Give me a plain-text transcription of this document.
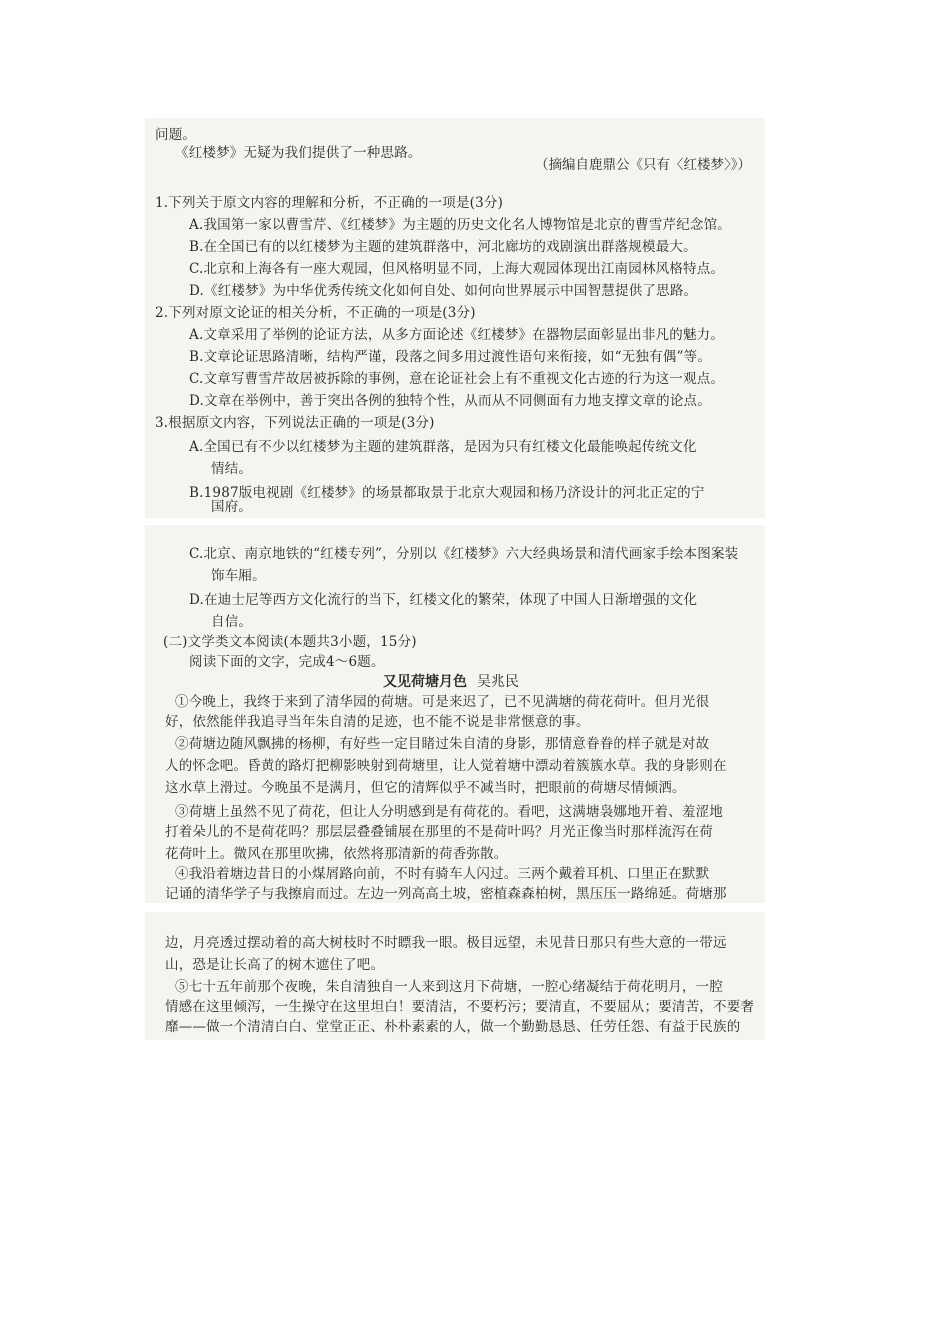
问题。
《红楼梦》无疑为我们提供了一种思路。
（摘编自鹿鼎公《只有〈红楼梦〉》）
1.下列关于原文内容的理解和分析，不正确的一项是(3分)
A.我国第一家以曹雪芹、《红楼梦》为主题的历史文化名人博物馆是北京的曹雪芹纪念馆。
B.在全国已有的以红楼梦为主题的建筑群落中，河北廊坊的戏剧演出群落规模最大。
C.北京和上海各有一座大观园，但风格明显不同，上海大观园体现出江南园林风格特点。
D.《红楼梦》为中华优秀传统文化如何自处、如何向世界展示中国智慧提供了思路。
2.下列对原文论证的相关分析，不正确的一项是(3分)
A.文章采用了举例的论证方法，从多方面论述《红楼梦》在器物层面彰显出非凡的魅力。
B.文章论证思路清晰，结构严谨，段落之间多用过渡性语句来衔接，如“无独有偶”等。
C.文章写曹雪芹故居被拆除的事例，意在论证社会上有不重视文化古迹的行为这一观点。
D.文章在举例中，善于突出各例的独特个性，从而从不同侧面有力地支撑文章的论点。
3.根据原文内容，下列说法正确的一项是(3分)
A.全国已有不少以红楼梦为主题的建筑群落，是因为只有红楼文化最能唤起传统文化
情结。
B.1987版电视剧《红楼梦》的场景都取景于北京大观园和杨乃济设计的河北正定的宁
国府。
C.北京、南京地铁的“红楼专列”，分别以《红楼梦》六大经典场景和清代画家手绘本图案装
饰车厢。
D.在迪士尼等西方文化流行的当下，红楼文化的繁荣，体现了中国人日渐增强的文化
自信。
(二)文学类文本阅读(本题共3小题，15分)
阅读下面的文字，完成4～6题。
又见荷塘月色 吴兆民
①今晚上，我终于来到了清华园的荷塘。可是来迟了，已不见满塘的荷花荷叶。但月光很
好，依然能伴我追寻当年朱自清的足迹，也不能不说是非常惬意的事。
②荷塘边随风飘拂的杨柳，有好些一定目睹过朱自清的身影，那情意眷眷的样子就是对故
人的怀念吧。昏黄的路灯把柳影映射到荷塘里，让人觉着塘中漂动着簇簇水草。我的身影则在
这水草上滑过。今晚虽不是满月，但它的清辉似乎不减当时，把眼前的荷塘尽情倾洒。
③荷塘上虽然不见了荷花，但让人分明感到是有荷花的。看吧，这满塘袅娜地开着、羞涩地
打着朵儿的不是荷花吗？那层层叠叠铺展在那里的不是荷叶吗？月光正像当时那样流泻在荷
花荷叶上。微风在那里吹拂，依然将那清新的荷香弥散。
④我沿着塘边昔日的小煤屑路向前，不时有骑车人闪过。三两个戴着耳机、口里正在默默
记诵的清华学子与我擦肩而过。左边一列高高土坡，密植森森柏树，黑压压一路绵延。荷塘那
边，月亮透过摆动着的高大树枝时不时瞟我一眼。极目远望，未见昔日那只有些大意的一带远
山，恐是让长高了的树木遮住了吧。
⑤七十五年前那个夜晚，朱自清独自一人来到这月下荷塘，一腔心绪凝结于荷花明月，一腔
情感在这里倾泻，一生操守在这里坦白！要清洁，不要朽污；要清直，不要屈从；要清苦，不要奢
靡——做一个清清白白、堂堂正正、朴朴素素的人，做一个勤勤恳恳、任劳任怨、有益于民族的
